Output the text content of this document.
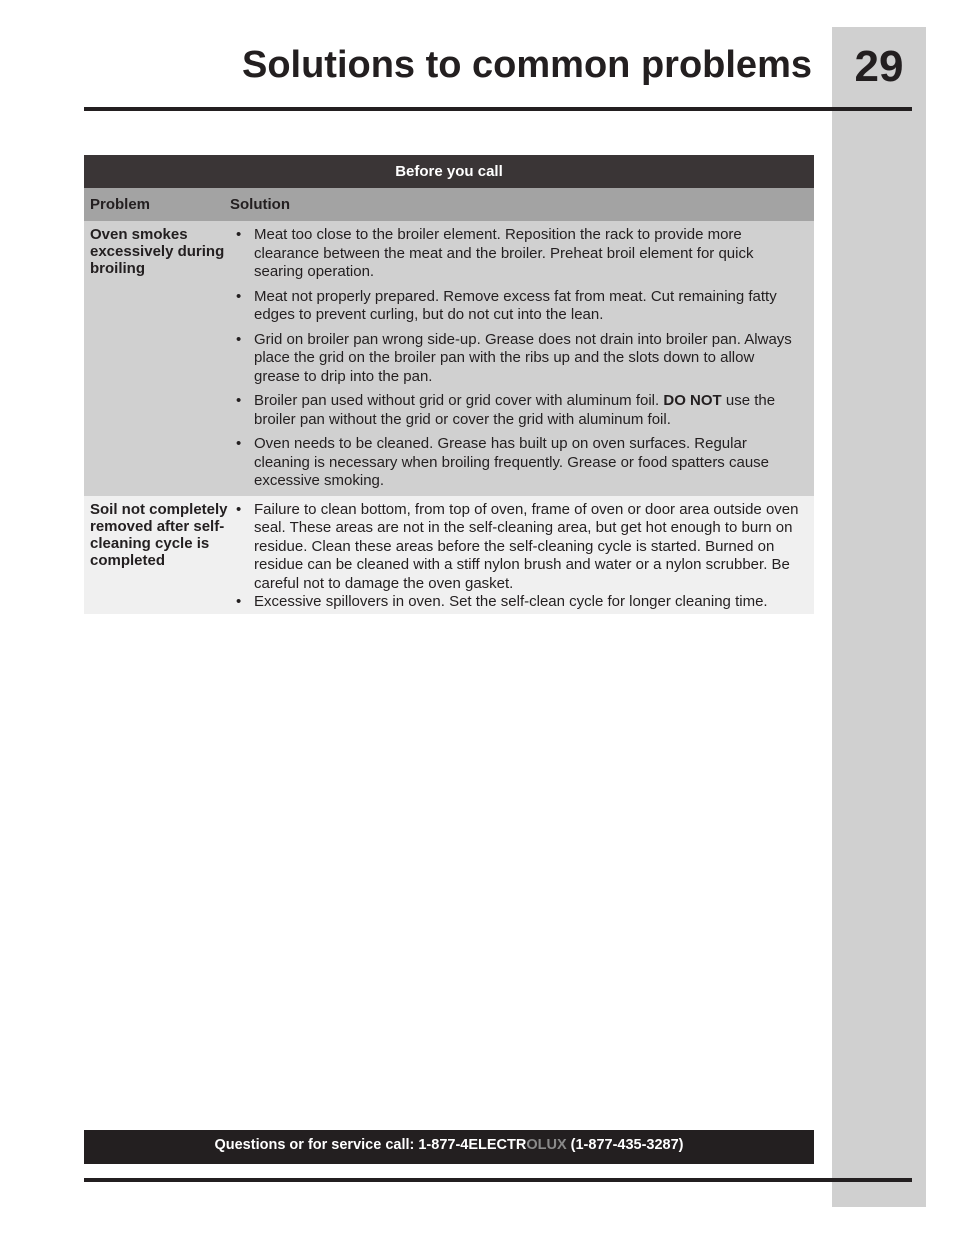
29
Solutions to common problems
Before you call
Problem	Solution
Oven smokes excessively during broiling
• Meat too close to the broiler element. Reposition the rack to provide more clearance between the meat and the broiler. Preheat broil element for quick searing operation.
• Meat not properly prepared. Remove excess fat from meat. Cut remaining fatty edges to prevent curling, but do not cut into the lean.
• Grid on broiler pan wrong side-up. Grease does not drain into broiler pan. Always place the grid on the broiler pan with the ribs up and the slots down to allow grease to drip into the pan.
• Broiler pan used without grid or grid cover with aluminum foil. DO NOT use the broiler pan without the grid or cover the grid with aluminum foil.
• Oven needs to be cleaned. Grease has built up on oven surfaces. Regular cleaning is necessary when broiling frequently. Grease or food spatters cause excessive smoking.
Soil not completely removed after self-cleaning cycle is completed
• Failure to clean bottom, from top of oven, frame of oven or door area outside oven seal. These areas are not in the self-cleaning area, but get hot enough to burn on residue. Clean these areas before the self-cleaning cycle is started. Burned on residue can be cleaned with a stiff nylon brush and water or a nylon scrubber. Be careful not to damage the oven gasket.
• Excessive spillovers in oven. Set the self-clean cycle for longer cleaning time.
Questions or for service call: 1-877-4ELECTROLUX (1-877-435-3287)
